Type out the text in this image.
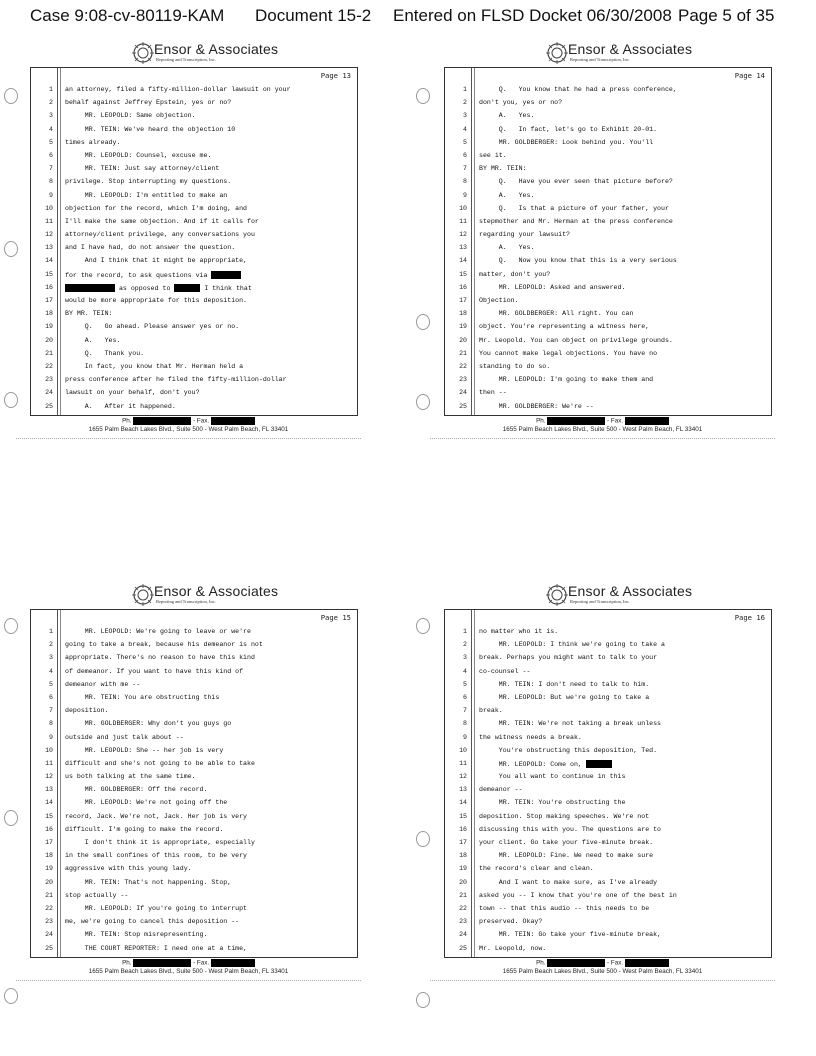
Case 9:08-cv-80119-KAM Document 15-2 Entered on FLSD Docket 06/30/2008 Page 5 of 35
Ensor & Associates
Reporting and Transcription, Inc.
Page 13
1 an attorney, filed a fifty-million-dollar lawsuit on your
2 behalf against Jeffrey Epstein, yes or no?
3 MR. LEOPOLD: Same objection.
4 MR. TEIN: We've heard the objection 10
5 times already.
6 MR. LEOPOLD: Counsel, excuse me.
7 MR. TEIN: Just say attorney/client
8 privilege. Stop interrupting my questions.
9 MR. LEOPOLD: I'm entitled to make an
10 objection for the record, which I'm doing, and
11 I'll make the same objection. And if it calls for
12 attorney/client privilege, any conversations you
13 and I have had, do not answer the question.
14 And I think that it might be appropriate,
15 for the record, to ask questions via
16	as opposed to	I think that
17 would be more appropriate for this deposition.
18 BY MR. TEIN:
19 Q.   Go ahead. Please answer yes or no.
20 A.   Yes.
21 Q.   Thank you.
22 In fact, you know that Mr. Herman held a
23 press conference after he filed the fifty-million-dollar
24 lawsuit on your behalf, don't you?
25 A.   After it happened.
Ph.	- Fax.
1655 Palm Beach Lakes Blvd., Suite 500 - West Palm Beach, FL 33401
Ensor & Associates
Reporting and Transcription, Inc.
Page 14
1 Q.   You know that he had a press conference,
2 don't you, yes or no?
3 A.   Yes.
4 Q.   In fact, let's go to Exhibit 20-01.
5 MR. GOLDBERGER: Look behind you. You'll
6 see it.
7 BY MR. TEIN:
8 Q.   Have you ever seen that picture before?
9 A.   Yes.
10 Q.   Is that a picture of your father, your
11 stepmother and Mr. Herman at the press conference
12 regarding your lawsuit?
13 A.   Yes.
14 Q.   Now you know that this is a very serious
15 matter, don't you?
16 MR. LEOPOLD: Asked and answered.
17 Objection.
18 MR. GOLDBERGER: All right. You can
19 object. You're representing a witness here,
20 Mr. Leopold. You can object on privilege grounds.
21 You cannot make legal objections. You have no
22 standing to do so.
23 MR. LEOPOLD: I'm going to make them and
24 then --
25 MR. GOLDBERGER: We're --
Ph.	- Fax.
1655 Palm Beach Lakes Blvd., Suite 500 - West Palm Beach, FL 33401
Ensor & Associates
Reporting and Transcription, Inc.
Page 15
1 MR. LEOPOLD: We're going to leave or we're
2 going to take a break, because his demeanor is not
3 appropriate. There's no reason to have this kind
4 of demeanor. If you want to have this kind of
5 demeanor with me --
6 MR. TEIN: You are obstructing this
7 deposition.
8 MR. GOLDBERGER: Why don't you guys go
9 outside and just talk about --
10 MR. LEOPOLD: She -- her job is very
11 difficult and she's not going to be able to take
12 us both talking at the same time.
13 MR. GOLDBERGER: Off the record.
14 MR. LEOPOLD: We're not going off the
15 record, Jack. We're not, Jack. Her job is very
16 difficult. I'm going to make the record.
17 I don't think it is appropriate, especially
18 in the small confines of this room, to be very
19 aggressive with this young lady.
20 MR. TEIN: That's not happening. Stop,
21 stop actually --
22 MR. LEOPOLD: If you're going to interrupt
23 me, we're going to cancel this deposition --
24 MR. TEIN: Stop misrepresenting.
25 THE COURT REPORTER: I need one at a time,
Ph.	- Fax.
1655 Palm Beach Lakes Blvd., Suite 500 - West Palm Beach, FL 33401
Ensor & Associates
Reporting and Transcription, Inc.
Page 16
1 no matter who it is.
2 MR. LEOPOLD: I think we're going to take a
3 break. Perhaps you might want to talk to your
4 co-counsel --
5 MR. TEIN: I don't need to talk to him.
6 MR. LEOPOLD: But we're going to take a
7 break.
8 MR. TEIN: We're not taking a break unless
9 the witness needs a break.
10 You're obstructing this deposition, Ted.
11 MR. LEOPOLD: Come on,
12 You all want to continue in this
13 demeanor --
14 MR. TEIN: You're obstructing the
15 deposition. Stop making speeches. We're not
16 discussing this with you. The questions are to
17 your client. Go take your five-minute break.
18 MR. LEOPOLD: Fine. We need to make sure
19 the record's clear and clean.
20 And I want to make sure, as I've already
21 asked you -- I know that you're one of the best in
22 town -- that this audio -- this needs to be
23 preserved. Okay?
24 MR. TEIN: Go take your five-minute break,
25 Mr. Leopold, now.
Ph.	- Fax.
1655 Palm Beach Lakes Blvd., Suite 500 - West Palm Beach, FL 33401
